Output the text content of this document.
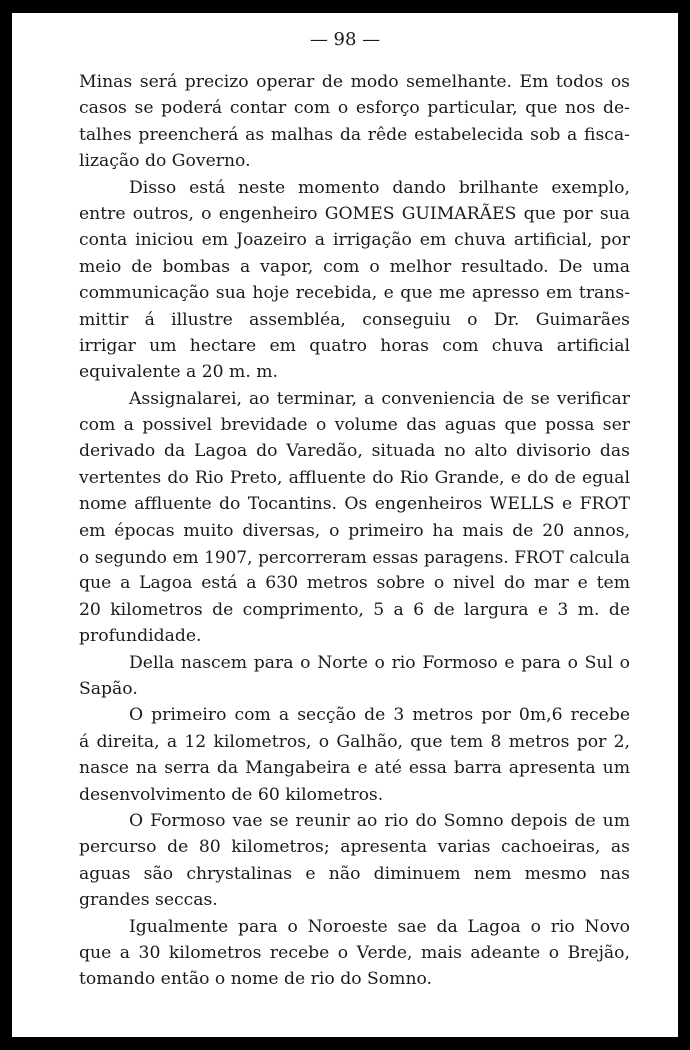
— 98 —

Minas será precizo operar de modo semelhante. Em todos os
casos se poderá contar com o esforço particular, que nos de-
talhes preencherá as malhas da rêde estabelecida sob a fisca-
lização do Governo.

Disso está neste momento dando brilhante exemplo,
entre outros, o engenheiro GOMES GUIMARÃES que por sua
conta iniciou em Joazeiro a irrigação em chuva artificial, por
meio de bombas a vapor, com o melhor resultado. De uma
communicação sua hoje recebida, e que me apresso em trans-
mittir á illustre assembléa, conseguiu o Dr. Guimarães
irrigar um hectare em quatro horas com chuva artificial
equivalente a 20 m. m.

Assignalarei, ao terminar, a conveniencia de se verificar
com a possivel brevidade o volume das aguas que possa ser
derivado da Lagoa do Varedão, situada no alto divisorio das
vertentes do Rio Preto, affluente do Rio Grande, e do de egual
nome affluente do Tocantins. Os engenheiros WELLS e FROT
em épocas muito diversas, o primeiro ha mais de 20 annos,
o segundo em 1907, percorreram essas paragens. FROT calcula
que a Lagoa está a 630 metros sobre o nivel do mar e tem
20 kilometros de comprimento, 5 a 6 de largura e 3 m. de
profundidade.

Della nascem para o Norte o rio Formoso e para o Sul o
Sapão.

O primeiro com a secção de 3 metros por 0m,6 recebe
á direita, a 12 kilometros, o Galhão, que tem 8 metros por 2,
nasce na serra da Mangabeira e até essa barra apresenta um
desenvolvimento de 60 kilometros.

O Formoso vae se reunir ao rio do Somno depois de um
percurso de 80 kilometros; apresenta varias cachoeiras, as
aguas são chrystalinas e não diminuem nem mesmo nas
grandes seccas.

Igualmente para o Noroeste sae da Lagoa o rio Novo
que a 30 kilometros recebe o Verde, mais adeante o Brejão,
tomando então o nome de rio do Somno.
